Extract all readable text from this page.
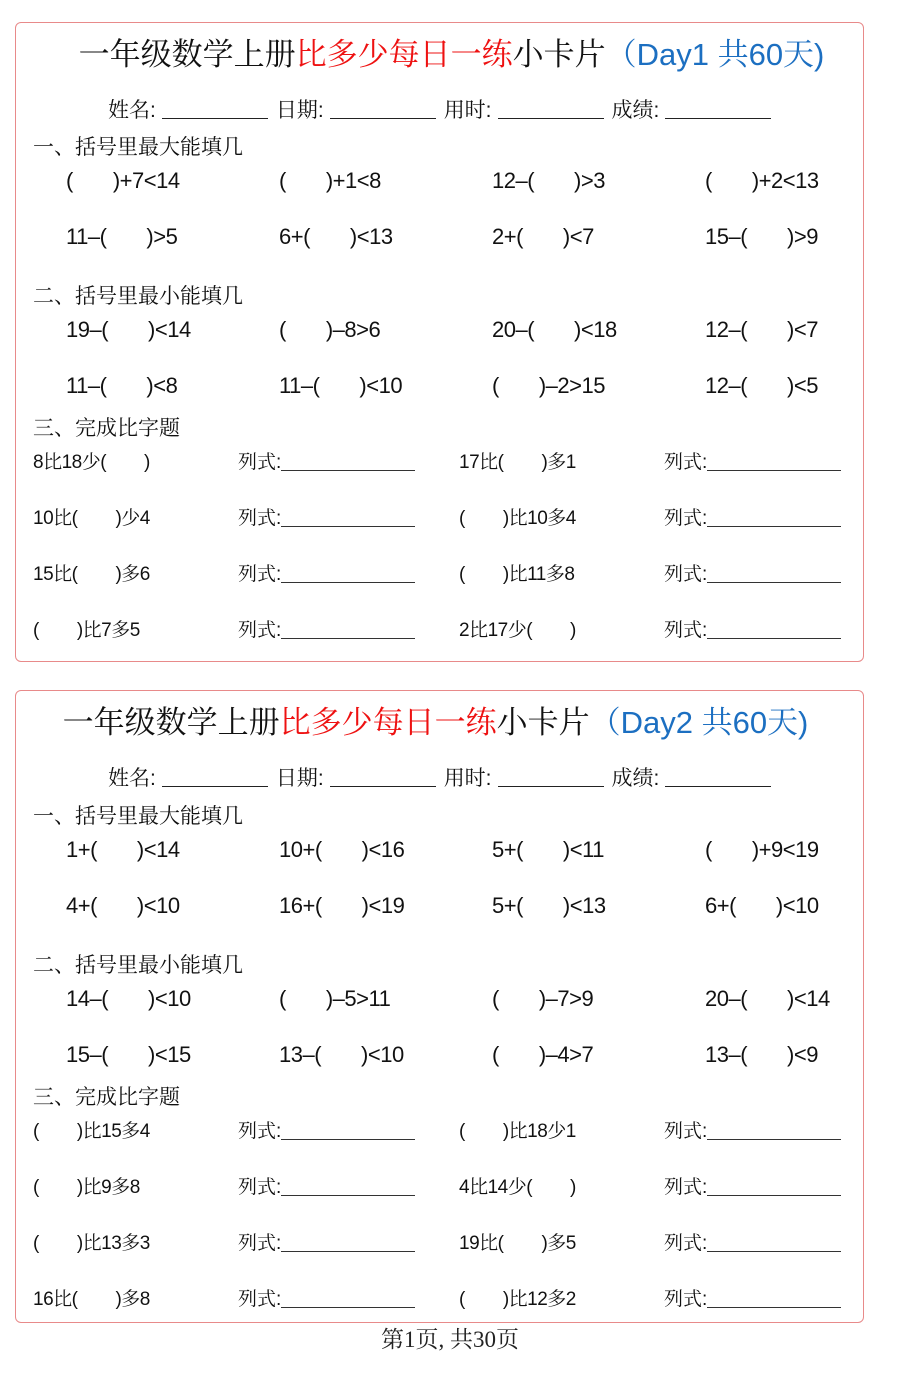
一年级数学上册比多少每日一练小卡片（Day1 共60天)
姓名:	日期:	用时:	成绩:
一、括号里最大能填几
二、括号里最小能填几
( )+7<14	( )+1<8	12–( )>3	( )+2<13
11–( )>5	6+( )<13	2+( )<7	15–( )>9
19–( )<14	( )–8>6	20–( )<18	12–( )<7
11–( )<8	11–( )<10	( )–2>15	12–( )<5
三、完成比字题
8比18少( )	列式:	17比( )多1	列式:
10比( )少4	列式:	( )比10多4	列式:
15比( )多6	列式:	( )比11多8	列式:
( )比7多5	列式:	2比17少( )	列式:
一年级数学上册比多少每日一练小卡片（Day2 共60天)
姓名:	日期:	用时:	成绩:
一、括号里最大能填几
二、括号里最小能填几
1+( )<14	10+( )<16	5+( )<11	( )+9<19
4+( )<10	16+( )<19	5+( )<13	6+( )<10
14–( )<10	( )–5>11	( )–7>9	20–( )<14
15–( )<15	13–( )<10	( )–4>7	13–( )<9
三、完成比字题
( )比15多4	列式:	( )比18少1	列式:
( )比9多8	列式:	4比14少( )	列式:
( )比13多3	列式:	19比( )多5	列式:
16比( )多8	列式:	( )比12多2	列式:
第1页, 共30页
